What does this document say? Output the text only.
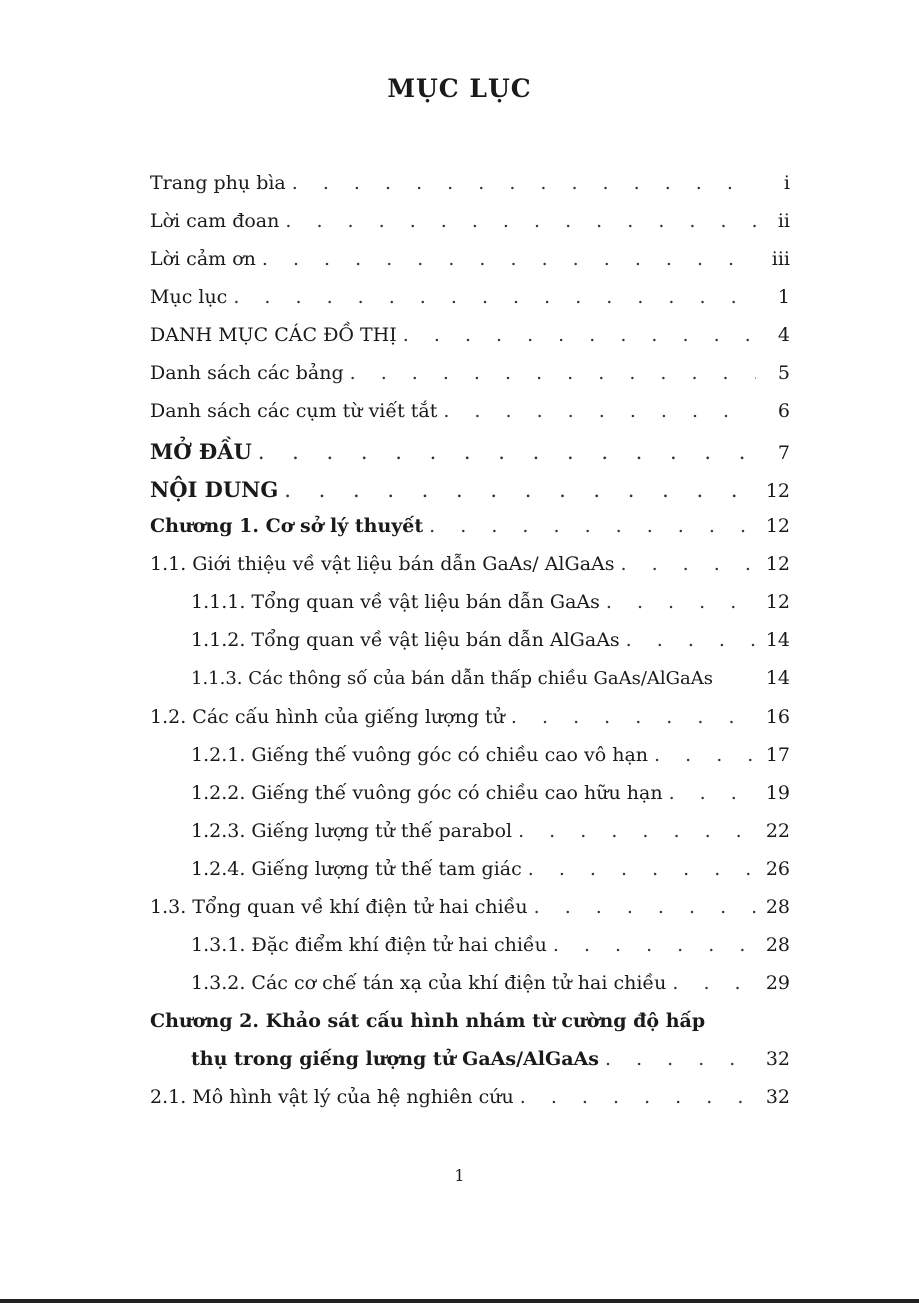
MỤC LỤC
Trang phụ bìa . . .	i
Lời cam đoan . . .	ii
Lời cảm ơn . . .	iii
Mục lục . . .	1
DANH MỤC CÁC ĐỒ THỊ . . .	4
Danh sách các bảng . . .	5
Danh sách các cụm từ viết tắt . . .	6
MỞ ĐẦU . . .	7
NỘI DUNG . . .	12
Chương 1. Cơ sở lý thuyết . . .	12
1.1. Giới thiệu về vật liệu bán dẫn GaAs/ AlGaAs . . .	12
1.1.1. Tổng quan về vật liệu bán dẫn GaAs . . .	12
1.1.2. Tổng quan về vật liệu bán dẫn AlGaAs . . .	14
1.1.3. Các thông số của bán dẫn thấp chiều GaAs/AlGaAs	14
1.2. Các cấu hình của giếng lượng tử . . .	16
1.2.1. Giếng thế vuông góc có chiều cao vô hạn . . .	17
1.2.2. Giếng thế vuông góc có chiều cao hữu hạn . . .	19
1.2.3. Giếng lượng tử thế parabol . . .	22
1.2.4. Giếng lượng tử thế tam giác . . .	26
1.3. Tổng quan về khí điện tử hai chiều . . .	28
1.3.1. Đặc điểm khí điện tử hai chiều . . .	28
1.3.2. Các cơ chế tán xạ của khí điện tử hai chiều . . .	29
Chương 2. Khảo sát cấu hình nhám từ cường độ hấp
thụ trong giếng lượng tử GaAs/AlGaAs . . .	32
2.1. Mô hình vật lý của hệ nghiên cứu . . .	32
1
